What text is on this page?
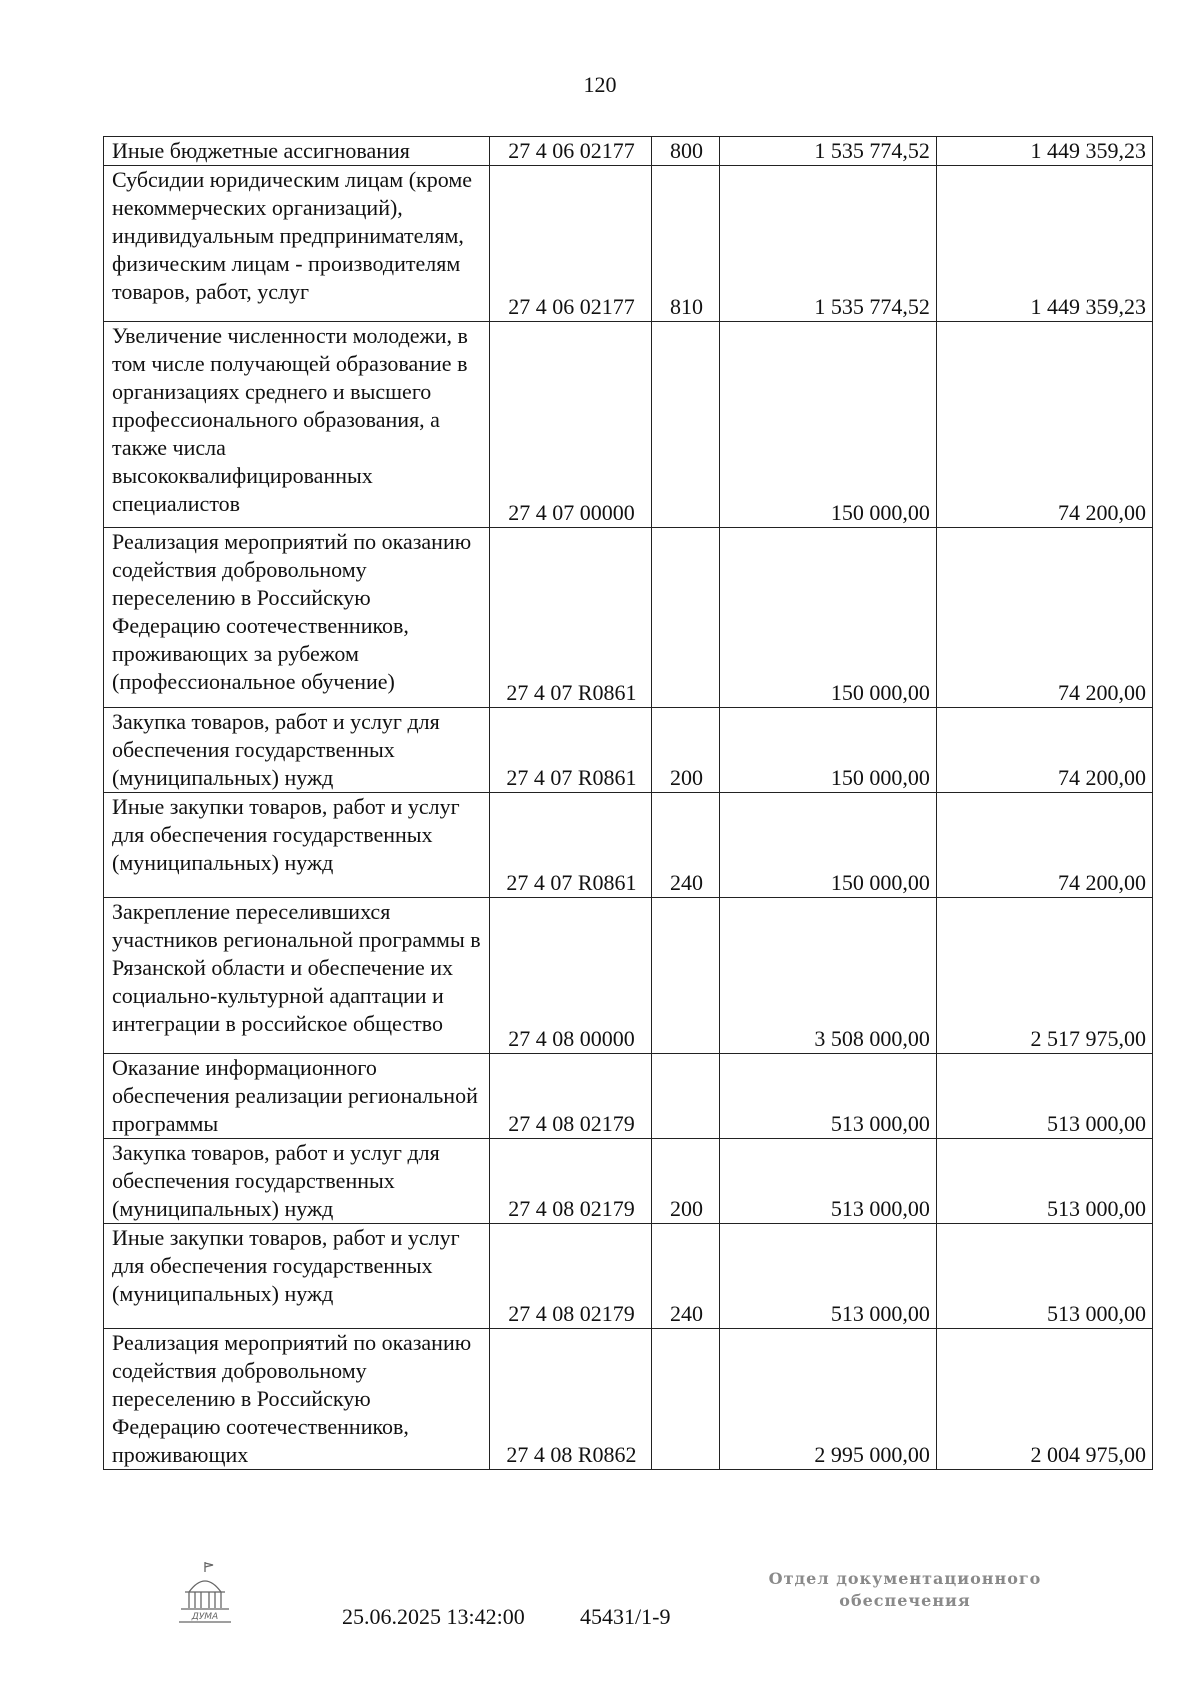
120
Иные бюджетные ассигнования	27 4 06 02177	800	1 535 774,52	1 449 359,23
Субсидии юридическим лицам (кроме некоммерческих организаций), индивидуальным предпринимателям, физическим лицам - производителям товаров, работ, услуг	27 4 06 02177	810	1 535 774,52	1 449 359,23
Увеличение численности молодежи, в том числе получающей образование в организациях среднего и высшего профессионального образования, а также числа высококвалифицированных специалистов	27 4 07 00000		150 000,00	74 200,00
Реализация мероприятий по оказанию содействия добровольному переселению в Российскую Федерацию соотечественников, проживающих за рубежом (профессиональное обучение)	27 4 07 R0861		150 000,00	74 200,00
Закупка товаров, работ и услуг для обеспечения государственных (муниципальных) нужд	27 4 07 R0861	200	150 000,00	74 200,00
Иные закупки товаров, работ и услуг для обеспечения государственных (муниципальных) нужд	27 4 07 R0861	240	150 000,00	74 200,00
Закрепление переселившихся участников региональной программы в Рязанской области и обеспечение их социально-культурной адаптации и интеграции в российское общество	27 4 08 00000		3 508 000,00	2 517 975,00
Оказание информационного обеспечения реализации региональной программы	27 4 08 02179		513 000,00	513 000,00
Закупка товаров, работ и услуг для обеспечения государственных (муниципальных) нужд	27 4 08 02179	200	513 000,00	513 000,00
Иные закупки товаров, работ и услуг для обеспечения государственных (муниципальных) нужд	27 4 08 02179	240	513 000,00	513 000,00
Реализация мероприятий по оказанию содействия добровольному переселению в Российскую Федерацию соотечественников, проживающих	27 4 08 R0862		2 995 000,00	2 004 975,00
ДУМА	25.06.2025 13:42:00	45431/1-9
Отдел документационного
обеспечения
